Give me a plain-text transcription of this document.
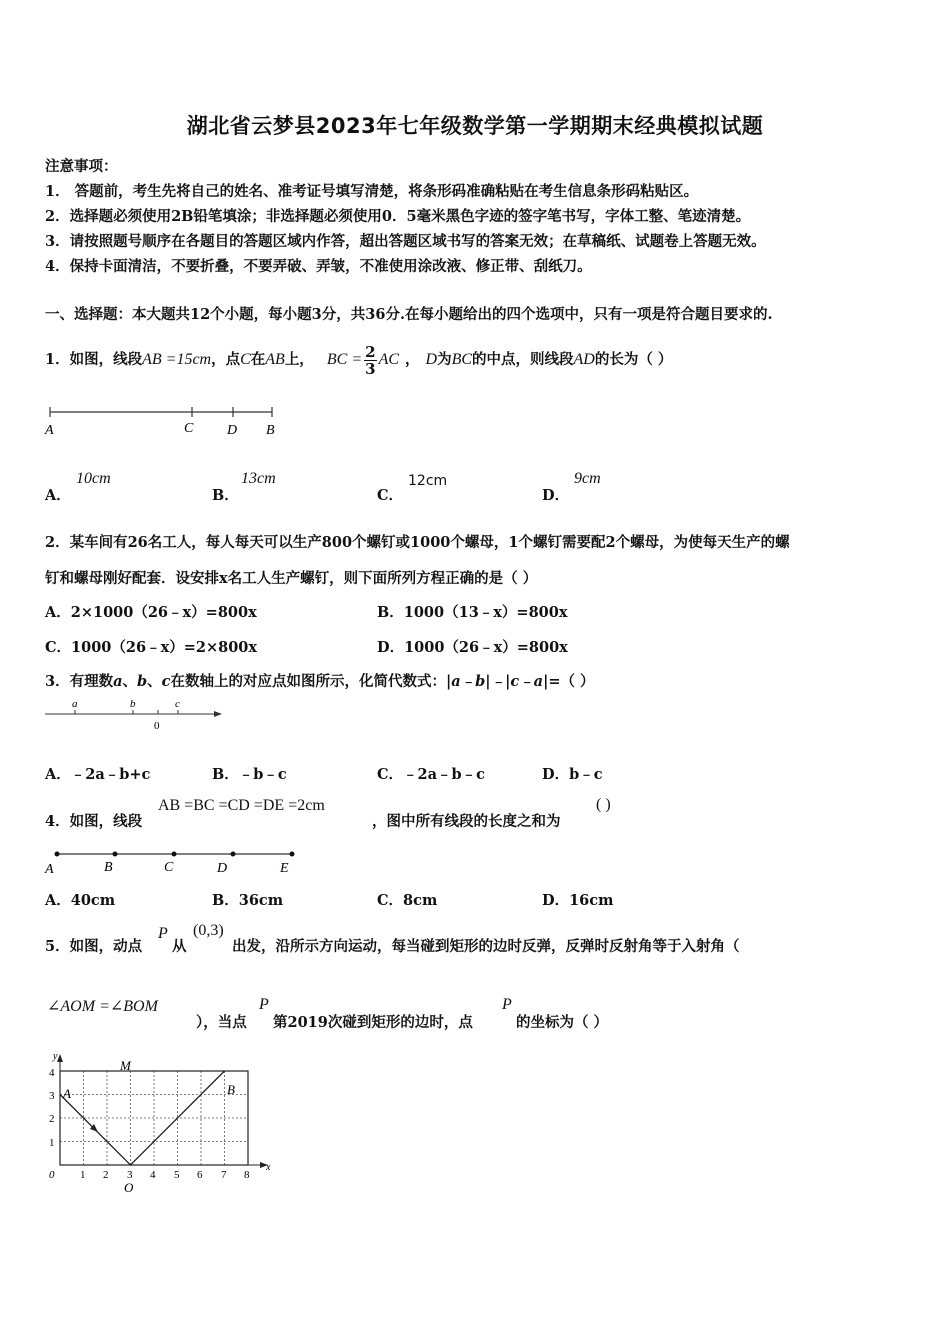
湖北省云梦县2023年七年级数学第一学期期末经典模拟试题
注意事项：
1． 答题前，考生先将自己的姓名、准考证号填写清楚，将条形码准确粘贴在考生信息条形码粘贴区。
2．选择题必须使用2B铅笔填涂；非选择题必须使用0．5毫米黑色字迹的签字笔书写，字体工整、笔迹清楚。
3．请按照题号顺序在各题目的答题区域内作答，超出答题区域书写的答案无效；在草稿纸、试题卷上答题无效。
4．保持卡面清洁，不要折叠，不要弄破、弄皱，不准使用涂改液、修正带、刮纸刀。
一、选择题：本大题共12个小题，每小题3分，共36分.在每小题给出的四个选项中，只有一项是符合题目要求的.
1．如图，线段AB =15cm，点C在AB上， BC = $\frac{2}{3}$ AC ， D为BC的中点，则线段AD的长为（ ）
A	C D B
A．
10cm
B．
13cm
C．
12cm
D．
9cm
2．某车间有26名工人，每人每天可以生产800个螺钉或1000个螺母，1个螺钉需要配2个螺母，为使每天生产的螺
钉和螺母刚好配套．设安排x名工人生产螺钉，则下面所列方程正确的是（ ）
A．2×1000（26﹣x）=800x	B．1000（13﹣x）=800x
C．1000（26﹣x）=2×800x	D．1000（26﹣x）=800x
3．有理数a、b、c在数轴上的对应点如图所示，化简代数式：|a﹣b|﹣|c﹣a|=（ ）
a	b	c
0
A．﹣2a﹣b+c	B．﹣b﹣c	C．﹣2a﹣b﹣c	D．b﹣c
4．如图，线段
AB =BC =CD =DE =2cm
，图中所有线段的长度之和为
( )
A	B	C	D	E
A．40cm	B．36cm	C．8cm	D．16cm
5．如图，动点
P
从
(0,3)
出发，沿所示方向运动，每当碰到矩形的边时反弹，反弹时反射角等于入射角（
∠AOM =∠BOM
），当点
P
第2019次碰到矩形的边时，点
P
的坐标为（ ）
y
x
4
3
2
1
0 1 2 3 4 5 6 7 8
A
M
B
O
